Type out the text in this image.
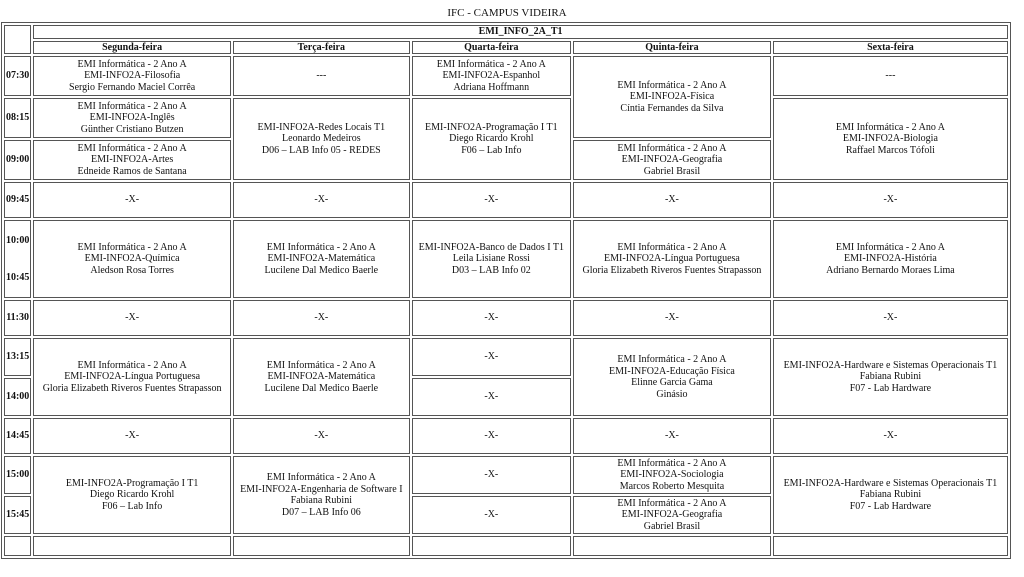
IFC - CAMPUS VIDEIRA
	EMI_INFO_2A_T1				
	Segunda-feira	Terça-feira	Quarta-feira	Quinta-feira	Sexta-feira
07:30	EMI Informática - 2 Ano A
EMI-INFO2A-Filosofia
Sergio Fernando Maciel Corrêa	---	EMI Informática - 2 Ano A
EMI-INFO2A-Espanhol
Adriana Hoffmann	EMI Informática - 2 Ano A
EMI-INFO2A-Física
Cíntia Fernandes da Silva	---
08:15	EMI Informática - 2 Ano A
EMI-INFO2A-Inglês
Günther Cristiano Butzen	EMI-INFO2A-Redes Locais T1
Leonardo Medeiros
D06 – LAB Info 05 - REDES	EMI-INFO2A-Programação I T1
Diego Ricardo Krohl
F06 – Lab Info		EMI Informática - 2 Ano A
EMI-INFO2A-Biologia
Raffael Marcos Tófoli

09:00	EMI Informática - 2 Ano A
EMI-INFO2A-Artes
Edneide Ramos de Santana			EMI Informática - 2 Ano A
EMI-INFO2A-Geografia
Gabriel Brasil	

09:45	-X-	-X-	-X-	-X-	-X-

10:00
10:45	EMI Informática - 2 Ano A
EMI-INFO2A-Química
Aledson Rosa Torres	EMI Informática - 2 Ano A
EMI-INFO2A-Matemática
Lucilene Dal Medico Baerle	EMI-INFO2A-Banco de Dados I T1
Leila Lisiane Rossi
D03 – LAB Info 02	EMI Informática - 2 Ano A
EMI-INFO2A-Língua Portuguesa
Gloria Elizabeth Riveros Fuentes Strapasson	EMI Informática - 2 Ano A
EMI-INFO2A-História
Adriano Bernardo Moraes Lima

11:30	-X-	-X-	-X-	-X-	-X-
13:15	EMI Informática - 2 Ano A
EMI-INFO2A-Língua Portuguesa
Gloria Elizabeth Riveros Fuentes Strapasson	EMI Informática - 2 Ano A
EMI-INFO2A-Matemática
Lucilene Dal Medico Baerle	-X-	EMI Informática - 2 Ano A
EMI-INFO2A-Educação Física
Elinne Garcia Gama
Ginásio	EMI-INFO2A-Hardware e Sistemas Operacionais T1
Fabiana Rubini
F07 - Lab Hardware

14:00			-X-		
14:45	-X-	-X-	-X-	-X-	-X-
15:00	EMI-INFO2A-Programação I T1
Diego Ricardo Krohl
F06 – Lab Info	EMI Informática - 2 Ano A
EMI-INFO2A-Engenharia de Software I
Fabiana Rubini
D07 – LAB Info 06	-X-	EMI Informática - 2 Ano A
EMI-INFO2A-Sociologia
Marcos Roberto Mesquita	EMI-INFO2A-Hardware e Sistemas Operacionais T1
Fabiana Rubini
F07 - Lab Hardware

15:45			-X-	EMI Informática - 2 Ano A
EMI-INFO2A-Geografia
Gabriel Brasil	
